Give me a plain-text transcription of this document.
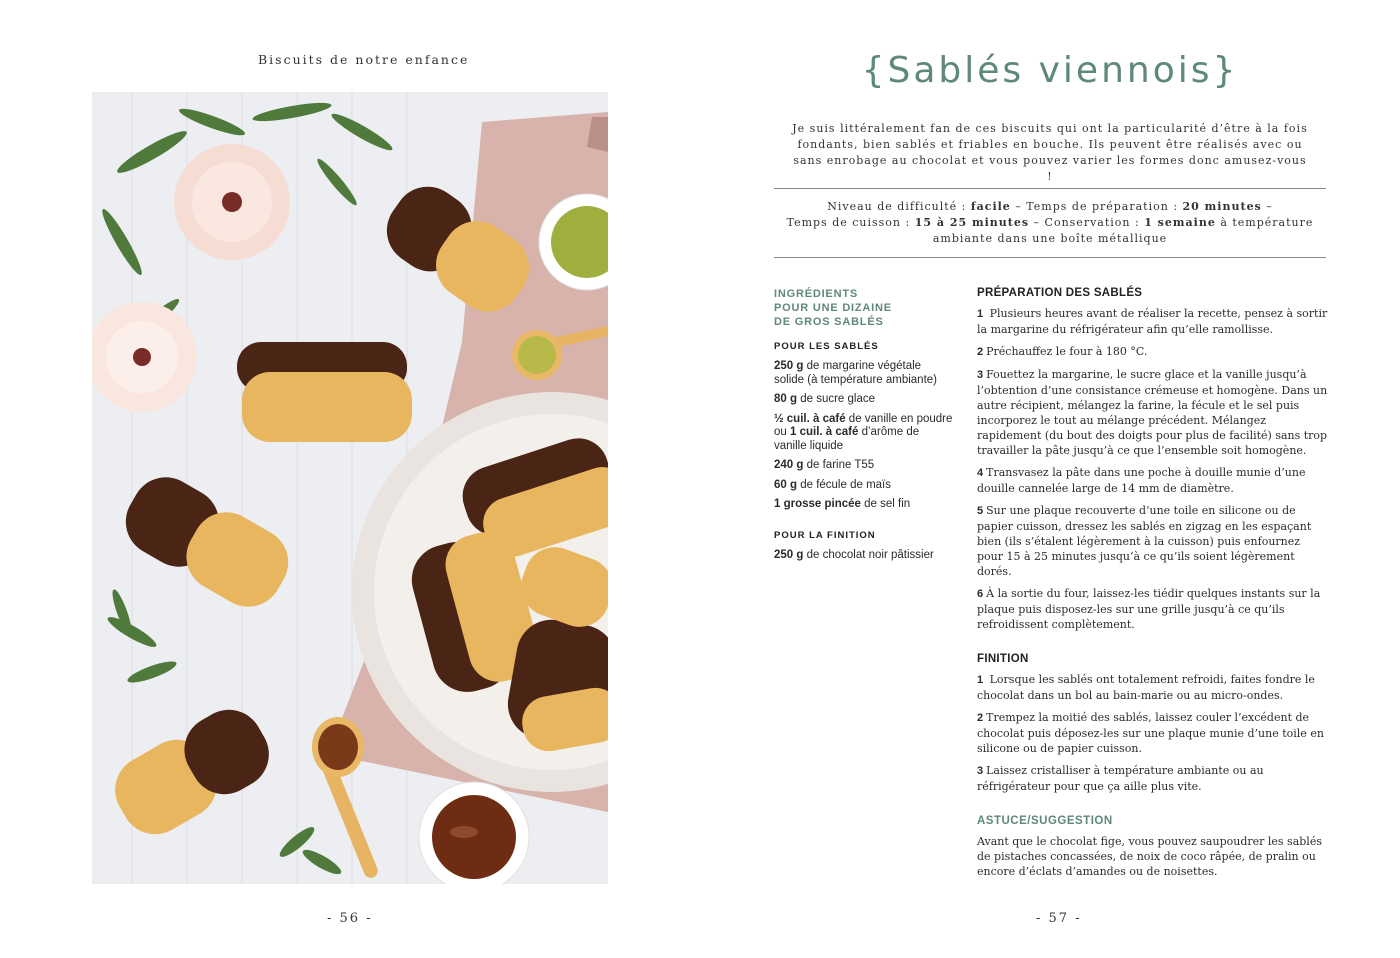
Biscuits de notre enfance
- 56 -
{Sablés viennois}
Je suis littéralement fan de ces biscuits qui ont la particularité d’être à la fois fondants, bien sablés et friables en bouche. Ils peuvent être réalisés avec ou sans enrobage au chocolat et vous pouvez varier les formes donc amusez-vous !
Niveau de difficulté : facile – Temps de préparation : 20 minutes –
Temps de cuisson : 15 à 25 minutes – Conservation : 1 semaine à température ambiante dans une boîte métallique
INGRÉDIENTS
POUR UNE DIZAINE
DE GROS SABLÉS
POUR LES SABLÉS
250 g de margarine végétale solide (à température ambiante)
80 g de sucre glace
½ cuil. à café de vanille en poudre ou 1 cuil. à café d’arôme de vanille liquide
240 g de farine T55
60 g de fécule de maïs
1 grosse pincée de sel fin
POUR LA FINITION
250 g de chocolat noir pâtissier
PRÉPARATION DES SABLÉS
1 Plusieurs heures avant de réaliser la recette, pensez à sortir la margarine du réfrigérateur afin qu’elle ramollisse.
2 Préchauffez le four à 180 °C.
3 Fouettez la margarine, le sucre glace et la vanille jusqu’à l’obtention d’une consistance crémeuse et homogène. Dans un autre récipient, mélangez la farine, la fécule et le sel puis incorporez le tout au mélange précédent. Mélangez rapidement (du bout des doigts pour plus de facilité) sans trop travailler la pâte jusqu’à ce que l’ensemble soit homogène.
4 Transvasez la pâte dans une poche à douille munie d’une douille cannelée large de 14 mm de diamètre.
5 Sur une plaque recouverte d’une toile en silicone ou de papier cuisson, dressez les sablés en zigzag en les espaçant bien (ils s’étalent légèrement à la cuisson) puis enfournez pour 15 à 25 minutes jusqu’à ce qu’ils soient légèrement dorés.
6 À la sortie du four, laissez-les tiédir quelques instants sur la plaque puis disposez-les sur une grille jusqu’à ce qu’ils refroidissent complètement.
FINITION
1 Lorsque les sablés ont totalement refroidi, faites fondre le chocolat dans un bol au bain-marie ou au micro-ondes.
2 Trempez la moitié des sablés, laissez couler l’excédent de chocolat puis déposez-les sur une plaque munie d’une toile en silicone ou de papier cuisson.
3 Laissez cristalliser à température ambiante ou au réfrigérateur pour que ça aille plus vite.
ASTUCE/SUGGESTION
Avant que le chocolat fige, vous pouvez saupoudrer les sablés de pistaches concassées, de noix de coco râpée, de pralin ou encore d’éclats d’amandes ou de noisettes.
- 57 -
